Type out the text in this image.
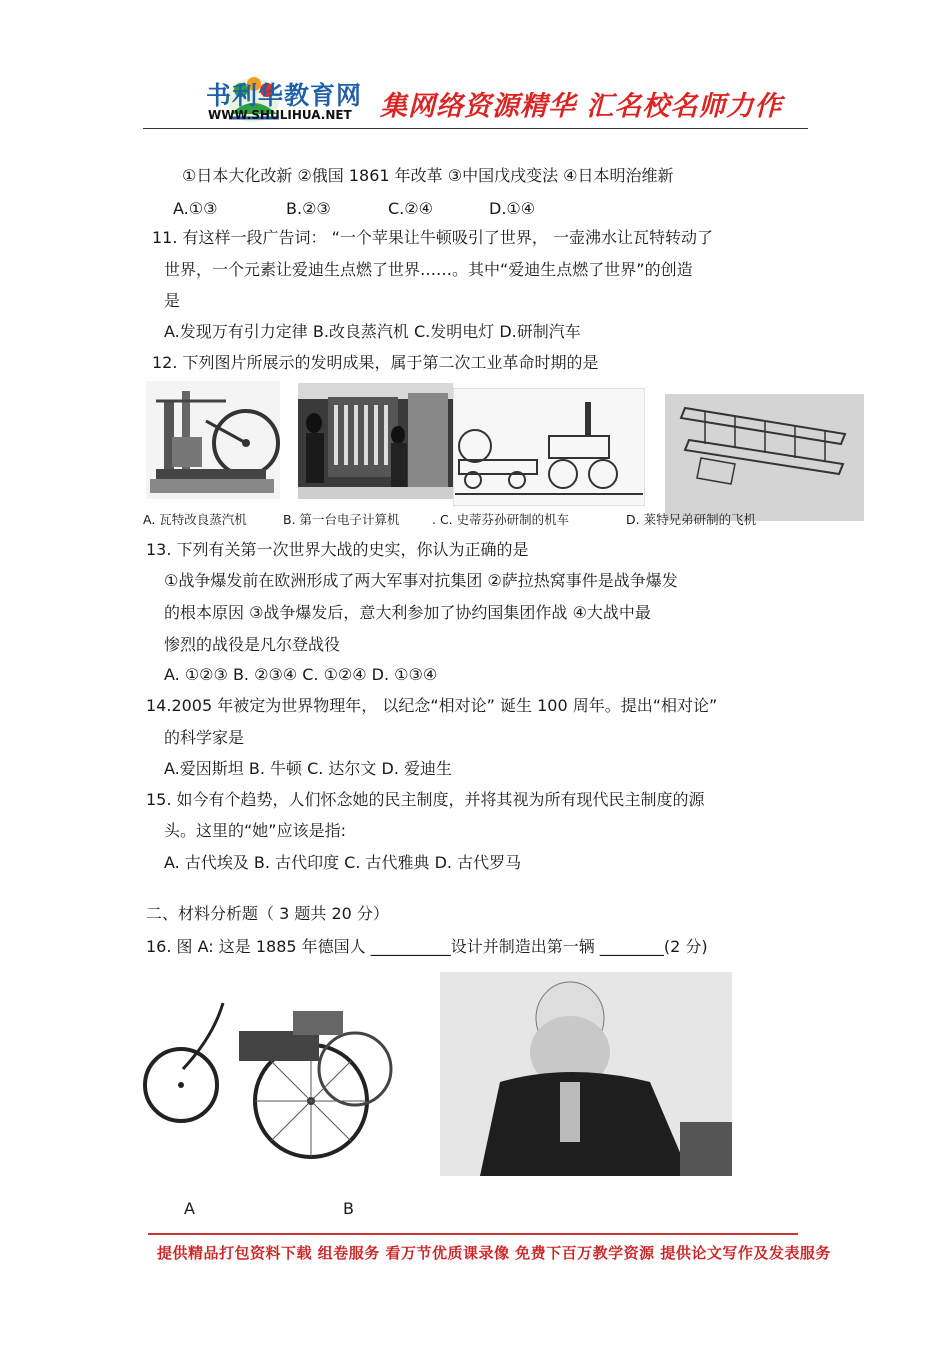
书利华教育网
WWW.SHULIHUA.NET 集网络资源精华 汇名校名师力作
①日本大化改新 ②俄国 1861 年改革 ③中国戊戌变法 ④日本明治维新
A.①③	B.②③	C.②④	D.①④
11. 有这样一段广告词： “一个苹果让牛顿吸引了世界， 一壶沸水让瓦特转动了
世界，一个元素让爱迪生点燃了世界……。其中“爱迪生点燃了世界”的创造
是
A.发现万有引力定律 B.改良蒸汽机 C.发明电灯 D.研制汽车
12. 下列图片所展示的发明成果，属于第二次工业革命时期的是
A. 瓦特改良蒸汽机	B. 第一台电子计算机	. C. 史蒂芬孙研制的机车	D. 莱特兄弟研制的飞机
13. 下列有关第一次世界大战的史实，你认为正确的是
①战争爆发前在欧洲形成了两大军事对抗集团 ②萨拉热窝事件是战争爆发
的根本原因 ③战争爆发后，意大利参加了协约国集团作战 ④大战中最
惨烈的战役是凡尔登战役
A. ①②③ B. ②③④ C. ①②④ D. ①③④
14.2005 年被定为世界物理年， 以纪念“相对论” 诞生 100 周年。提出“相对论”
的科学家是
A.爱因斯坦 B. 牛顿 C. 达尔文 D. 爱迪生
15. 如今有个趋势，人们怀念她的民主制度，并将其视为所有现代民主制度的源
头。这里的“她”应该是指:
A. 古代埃及 B. 古代印度 C. 古代雅典 D. 古代罗马
二、材料分析题（ 3 题共 20 分）
16. 图 A: 这是 1885 年德国人 __________设计并制造出第一辆 ________(2 分)
A	B
提供精品打包资料下载 组卷服务 看万节优质课录像 免费下百万教学资源 提供论文写作及发表服务
